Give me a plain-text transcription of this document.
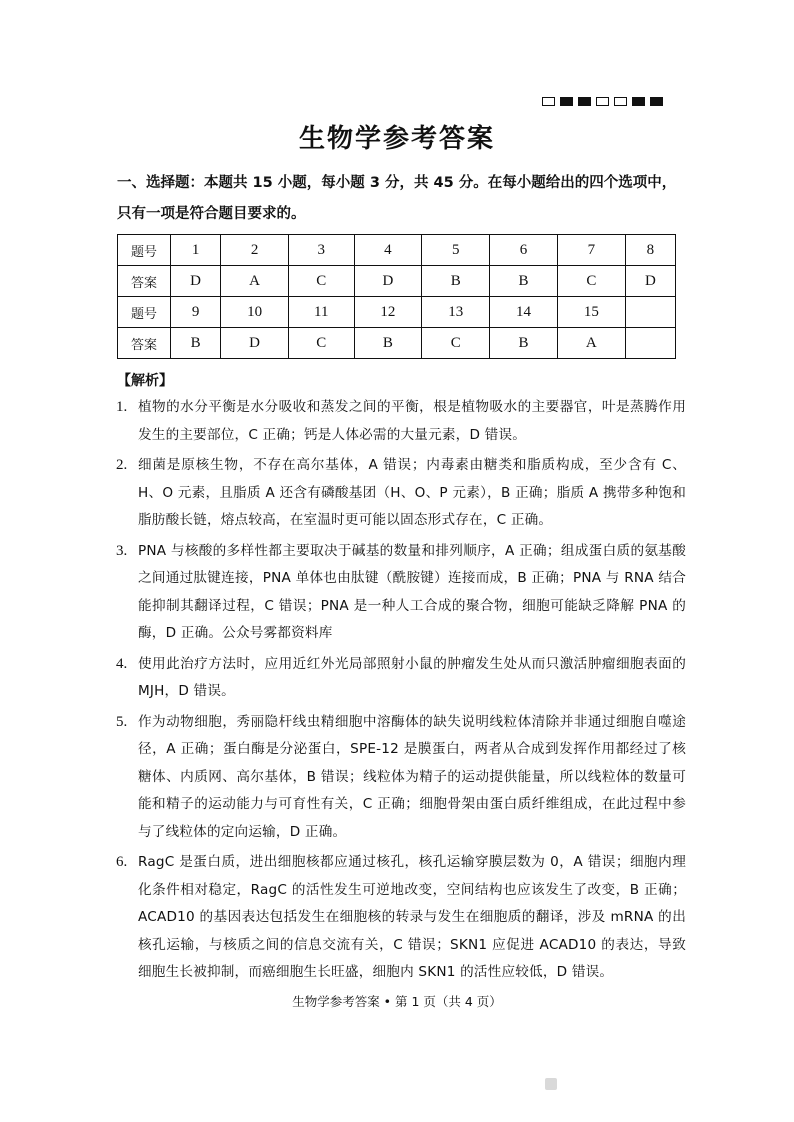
生物学参考答案
一、选择题：本题共 15 小题，每小题 3 分，共 45 分。在每小题给出的四个选项中，只有一项是符合题目要求的。
题号	1	2	3	4	5	6	7	8
答案	D	A	C	D	B	B	C	D
题号	9	10	11	12	13	14	15	
答案	B	D	C	B	C	B	A	
【解析】
1. 植物的水分平衡是水分吸收和蒸发之间的平衡，根是植物吸水的主要器官，叶是蒸腾作用发生的主要部位，C 正确；钙是人体必需的大量元素，D 错误。
2. 细菌是原核生物，不存在高尔基体，A 错误；内毒素由糖类和脂质构成，至少含有 C、H、O 元素，且脂质 A 还含有磷酸基团（H、O、P 元素），B 正确；脂质 A 携带多种饱和脂肪酸长链，熔点较高，在室温时更可能以固态形式存在，C 正确。
3. PNA 与核酸的多样性都主要取决于碱基的数量和排列顺序，A 正确；组成蛋白质的氨基酸之间通过肽键连接，PNA 单体也由肽键（酰胺键）连接而成，B 正确；PNA 与 RNA 结合能抑制其翻译过程，C 错误；PNA 是一种人工合成的聚合物，细胞可能缺乏降解 PNA 的酶，D 正确。公众号雾都资料库
4. 使用此治疗方法时，应用近红外光局部照射小鼠的肿瘤发生处从而只激活肿瘤细胞表面的 MJH，D 错误。
5. 作为动物细胞，秀丽隐杆线虫精细胞中溶酶体的缺失说明线粒体清除并非通过细胞自噬途径，A 正确；蛋白酶是分泌蛋白，SPE-12 是膜蛋白，两者从合成到发挥作用都经过了核糖体、内质网、高尔基体，B 错误；线粒体为精子的运动提供能量，所以线粒体的数量可能和精子的运动能力与可育性有关，C 正确；细胞骨架由蛋白质纤维组成，在此过程中参与了线粒体的定向运输，D 正确。
6. RagC 是蛋白质，进出细胞核都应通过核孔，核孔运输穿膜层数为 0，A 错误；细胞内理化条件相对稳定，RagC 的活性发生可逆地改变，空间结构也应该发生了改变，B 正确；ACAD10 的基因表达包括发生在细胞核的转录与发生在细胞质的翻译，涉及 mRNA 的出核孔运输，与核质之间的信息交流有关，C 错误；SKN1 应促进 ACAD10 的表达，导致细胞生长被抑制，而癌细胞生长旺盛，细胞内 SKN1 的活性应较低，D 错误。
生物学参考答案 • 第 1 页（共 4 页）
